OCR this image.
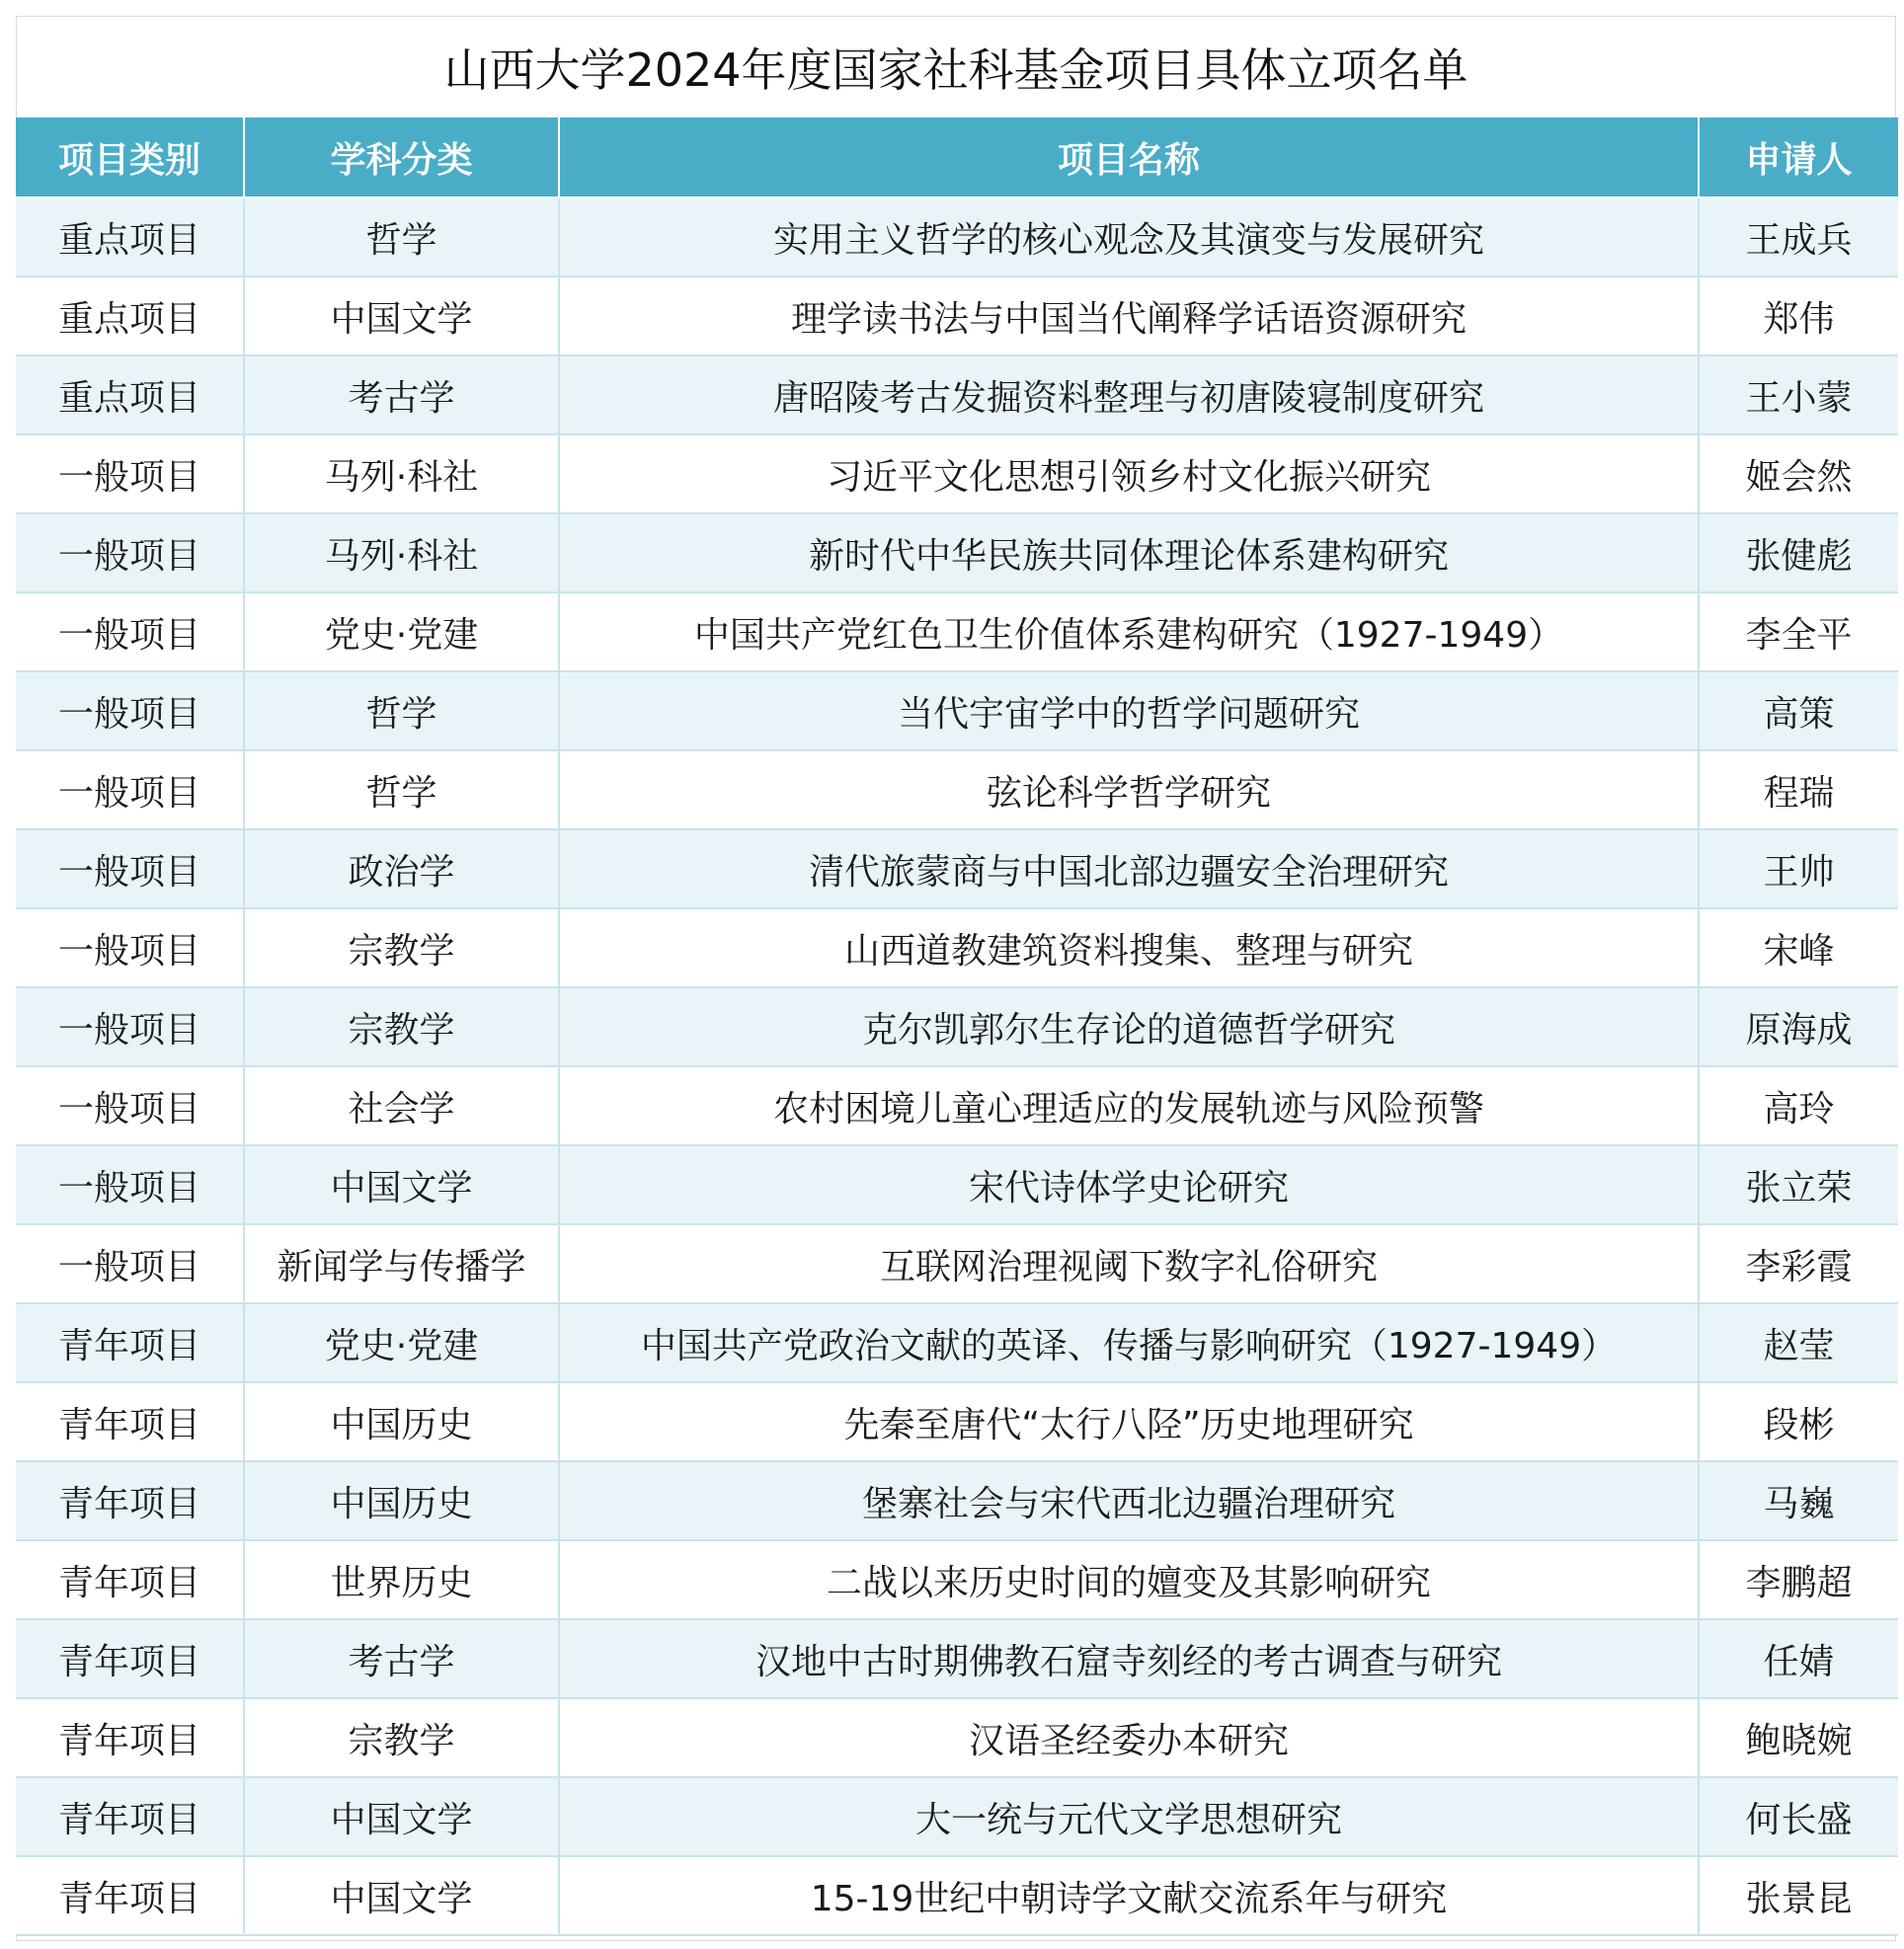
山西大学2024年度国家社科基金项目具体立项名单
项目类别	学科分类	项目名称	申请人
重点项目	哲学	实用主义哲学的核心观念及其演变与发展研究	王成兵
重点项目	中国文学	理学读书法与中国当代阐释学话语资源研究	郑伟
重点项目	考古学	唐昭陵考古发掘资料整理与初唐陵寝制度研究	王小蒙
一般项目	马列·科社	习近平文化思想引领乡村文化振兴研究	姬会然
一般项目	马列·科社	新时代中华民族共同体理论体系建构研究	张健彪
一般项目	党史·党建	中国共产党红色卫生价值体系建构研究（1927-1949）	李全平
一般项目	哲学	当代宇宙学中的哲学问题研究	高策
一般项目	哲学	弦论科学哲学研究	程瑞
一般项目	政治学	清代旅蒙商与中国北部边疆安全治理研究	王帅
一般项目	宗教学	山西道教建筑资料搜集、整理与研究	宋峰
一般项目	宗教学	克尔凯郭尔生存论的道德哲学研究	原海成
一般项目	社会学	农村困境儿童心理适应的发展轨迹与风险预警	高玲
一般项目	中国文学	宋代诗体学史论研究	张立荣
一般项目	新闻学与传播学	互联网治理视阈下数字礼俗研究	李彩霞
青年项目	党史·党建	中国共产党政治文献的英译、传播与影响研究（1927-1949）	赵莹
青年项目	中国历史	先秦至唐代“太行八陉”历史地理研究	段彬
青年项目	中国历史	堡寨社会与宋代西北边疆治理研究	马巍
青年项目	世界历史	二战以来历史时间的嬗变及其影响研究	李鹏超
青年项目	考古学	汉地中古时期佛教石窟寺刻经的考古调查与研究	任婧
青年项目	宗教学	汉语圣经委办本研究	鲍晓婉
青年项目	中国文学	大一统与元代文学思想研究	何长盛
青年项目	中国文学	15-19世纪中朝诗学文献交流系年与研究	张景昆
